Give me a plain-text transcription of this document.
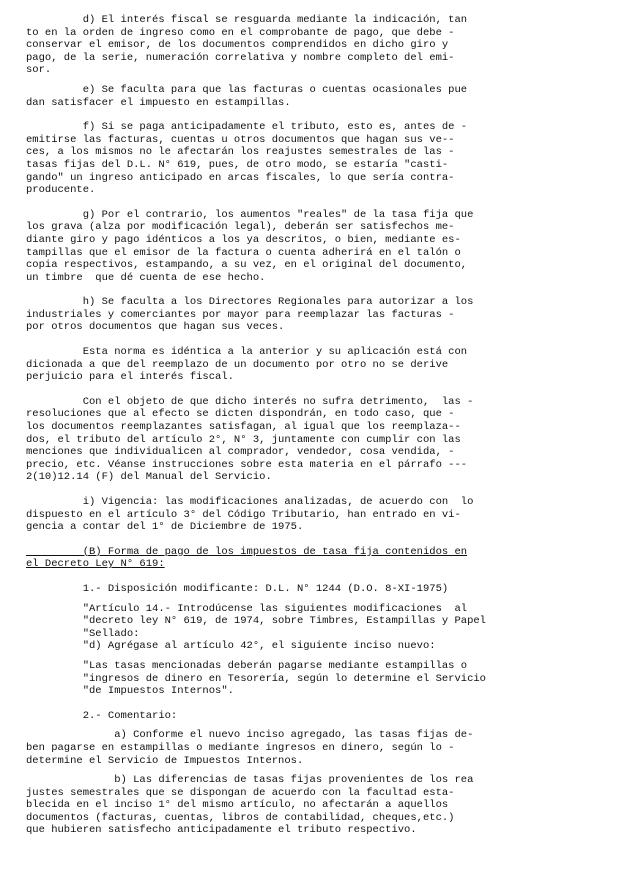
d) El interés fiscal se resguarda mediante la indicación, tan

to en la orden de ingreso como en el comprobante de pago, que debe -

conservar el emisor, de los documentos comprendidos en dicho giro y

pago, de la serie, numeración correlativa y nombre completo del emi-

sor.

e) Se faculta para que las facturas o cuentas ocasionales pue

dan satisfacer el impuesto en estampillas.

f) Si se paga anticipadamente el tributo, esto es, antes de -

emitirse las facturas, cuentas u otros documentos que hagan sus ve--

ces, a los mismos no le afectarán los reajustes semestrales de las -

tasas fijas del D.L. N° 619, pues, de otro modo, se estaría "casti-

gando" un ingreso anticipado en arcas fiscales, lo que sería contra-

producente.

g) Por el contrario, los aumentos "reales" de la tasa fija que

los grava (alza por modificación legal), deberán ser satisfechos me-

diante giro y pago idénticos a los ya descritos, o bien, mediante es-

tampillas que el emisor de la factura o cuenta adherirá en el talón o

copia respectivos, estampando, a su vez, en el original del documento,

un timbre  que dé cuenta de ese hecho.

h) Se faculta a los Directores Regionales para autorizar a los

industriales y comerciantes por mayor para reemplazar las facturas -

por otros documentos que hagan sus veces.

Esta norma es idéntica a la anterior y su aplicación está con

dicionada a que del reemplazo de un documento por otro no se derive

perjuicio para el interés fiscal.

Con el objeto de que dicho interés no sufra detrimento,  las -

resoluciones que al efecto se dicten dispondrán, en todo caso, que -

los documentos reemplazantes satisfagan, al igual que los reemplaza--

dos, el tributo del artículo 2°, N° 3, juntamente con cumplir con las

menciones que individualicen al comprador, vendedor, cosa vendida, -

precio, etc. Véanse instrucciones sobre esta materia en el párrafo ---

2(10)12.14 (F) del Manual del Servicio.

i) Vigencia: las modificaciones analizadas, de acuerdo con  lo

dispuesto en el artículo 3° del Código Tributario, han entrado en vi-

gencia a contar del 1° de Diciembre de 1975.

(B) Forma de pago de los impuestos de tasa fija contenidos en

el Decreto Ley N° 619:

1.- Disposición modificante: D.L. N° 1244 (D.O. 8-XI-1975)

"Artículo 14.- Introdúcense las siguientes modificaciones  al

"decreto ley N° 619, de 1974, sobre Timbres, Estampillas y Papel

"Sellado:

"d) Agrégase al artículo 42°, el siguiente inciso nuevo:

"Las tasas mencionadas deberán pagarse mediante estampillas o

"ingresos de dinero en Tesorería, según lo determine el Servicio

"de Impuestos Internos".

2.- Comentario:

a) Conforme el nuevo inciso agregado, las tasas fijas de-

ben pagarse en estampillas o mediante ingresos en dinero, según lo -

determine el Servicio de Impuestos Internos.

b) Las diferencias de tasas fijas provenientes de los rea

justes semestrales que se dispongan de acuerdo con la facultad esta-

blecida en el inciso 1° del mismo artículo, no afectarán a aquellos

documentos (facturas, cuentas, libros de contabilidad, cheques,etc.)

que hubieren satisfecho anticipadamente el tributo respectivo.
